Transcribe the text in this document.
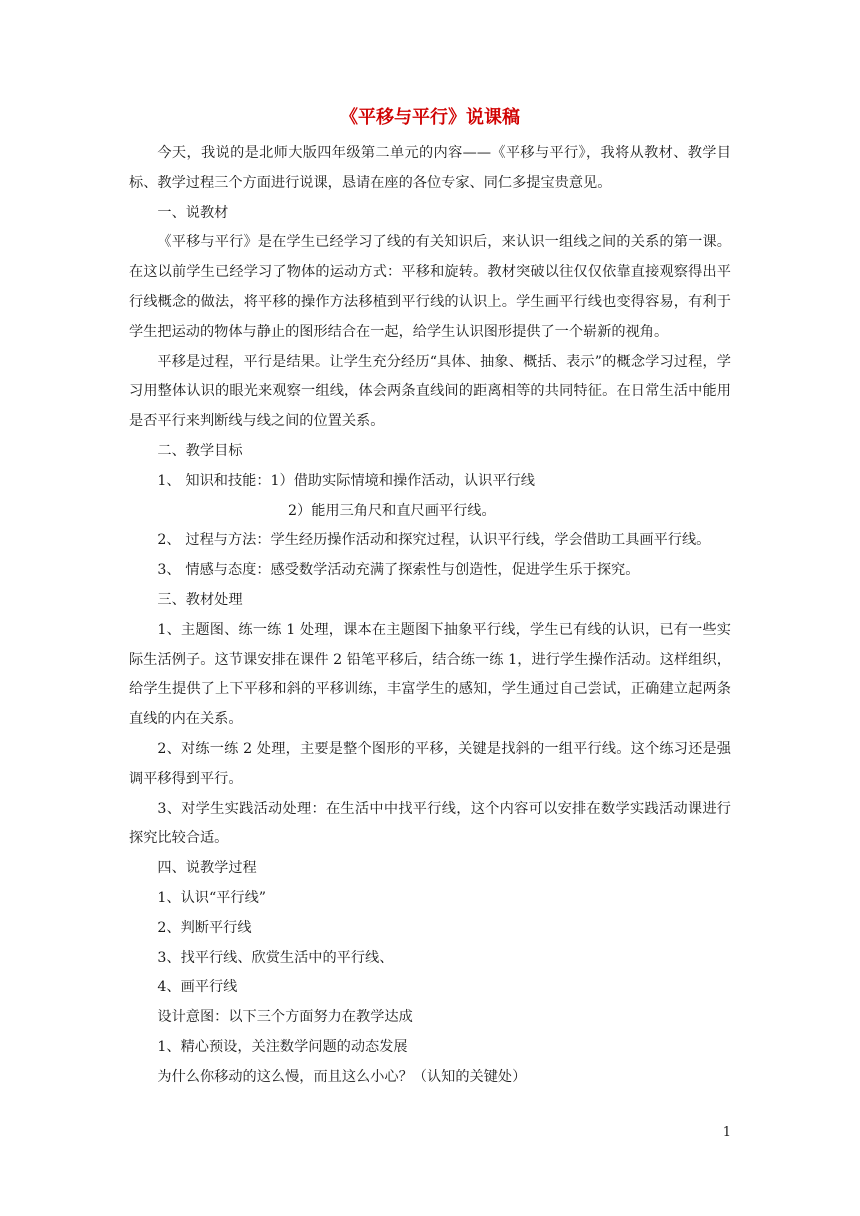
《平移与平行》说课稿

今天，我说的是北师大版四年级第二单元的内容——《平移与平行》，我将从教材、教学目标、教学过程三个方面进行说课，恳请在座的各位专家、同仁多提宝贵意见。

一、说教材

《平移与平行》是在学生已经学习了线的有关知识后，来认识一组线之间的关系的第一课。在这以前学生已经学习了物体的运动方式：平移和旋转。教材突破以往仅仅依靠直接观察得出平行线概念的做法，将平移的操作方法移植到平行线的认识上。学生画平行线也变得容易，有利于学生把运动的物体与静止的图形结合在一起，给学生认识图形提供了一个崭新的视角。

平移是过程，平行是结果。让学生充分经历“具体、抽象、概括、表示”的概念学习过程，学习用整体认识的眼光来观察一组线，体会两条直线间的距离相等的共同特征。在日常生活中能用是否平行来判断线与线之间的位置关系。

二、教学目标

1、 知识和技能：1）借助实际情境和操作活动，认识平行线

2）能用三角尺和直尺画平行线。

2、 过程与方法：学生经历操作活动和探究过程，认识平行线，学会借助工具画平行线。
3、 情感与态度：感受数学活动充满了探索性与创造性，促进学生乐于探究。

三、教材处理

1、主题图、练一练 1 处理，课本在主题图下抽象平行线，学生已有线的认识，已有一些实际生活例子。这节课安排在课件 2 铅笔平移后，结合练一练 1，进行学生操作活动。这样组织，给学生提供了上下平移和斜的平移训练，丰富学生的感知，学生通过自己尝试，正确建立起两条直线的内在关系。

2、对练一练 2 处理，主要是整个图形的平移，关键是找斜的一组平行线。这个练习还是强调平移得到平行。

3、对学生实践活动处理：在生活中中找平行线，这个内容可以安排在数学实践活动课进行探究比较合适。

四、说教学过程

1、认识“平行线”

2、判断平行线

3、找平行线、欣赏生活中的平行线、

4、画平行线

设计意图：以下三个方面努力在教学达成

1、精心预设，关注数学问题的动态发展

为什么你移动的这么慢，而且这么小心？（认知的关键处）

1
